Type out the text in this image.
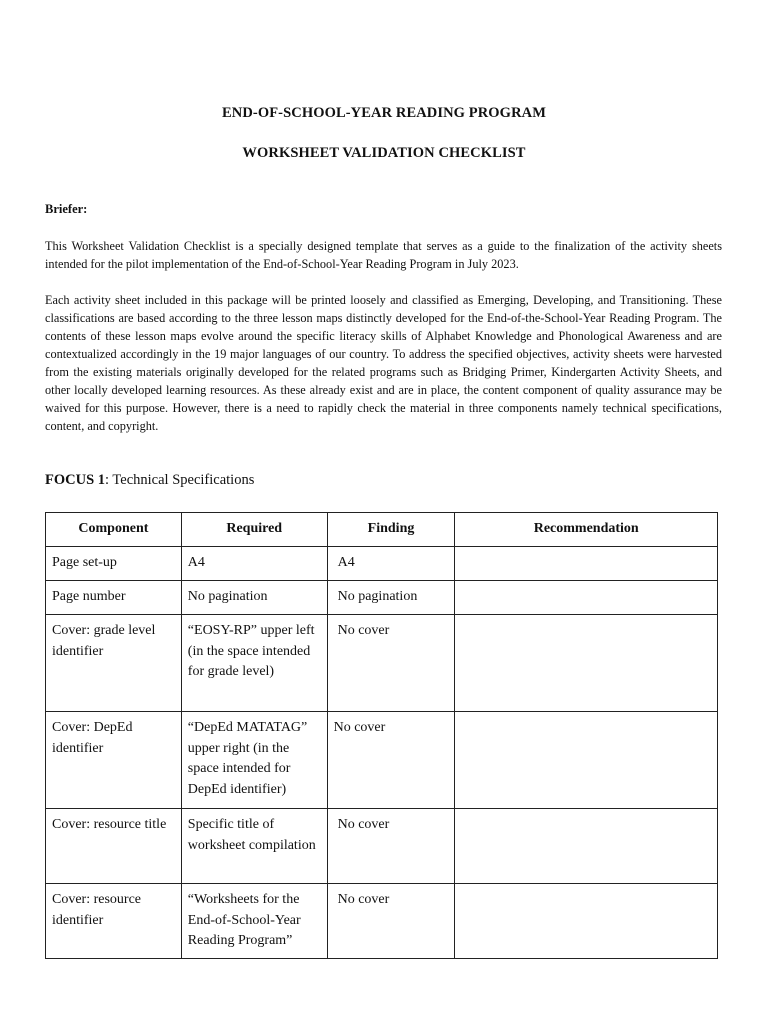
END-OF-SCHOOL-YEAR READING PROGRAM
WORKSHEET VALIDATION CHECKLIST
Briefer:
This Worksheet Validation Checklist is a specially designed template that serves as a guide to the finalization of the activity sheets intended for the pilot implementation of the End-of-School-Year Reading Program in July 2023.
Each activity sheet included in this package will be printed loosely and classified as Emerging, Developing, and Transitioning. These classifications are based according to the three lesson maps distinctly developed for the End-of-the-School-Year Reading Program. The contents of these lesson maps evolve around the specific literacy skills of Alphabet Knowledge and Phonological Awareness and are contextualized accordingly in the 19 major languages of our country. To address the specified objectives, activity sheets were harvested from the existing materials originally developed for the related programs such as Bridging Primer, Kindergarten Activity Sheets, and other locally developed learning resources. As these already exist and are in place, the content component of quality assurance may be waived for this purpose. However, there is a need to rapidly check the material in three components namely technical specifications, content, and copyright.
FOCUS 1: Technical Specifications
Component	Required	Finding	Recommendation
Page set-up	A4	A4	
Page number	No pagination	No pagination	
Cover: grade level identifier	“EOSY-RP” upper left (in the space intended for grade level)	No cover	
Cover: DepEd identifier	“DepEd MATATAG” upper right (in the space intended for DepEd identifier)	No cover	
Cover: resource title	Specific title of worksheet compilation	No cover	
Cover: resource identifier	“Worksheets for the End-of-School-Year Reading Program”	No cover	
